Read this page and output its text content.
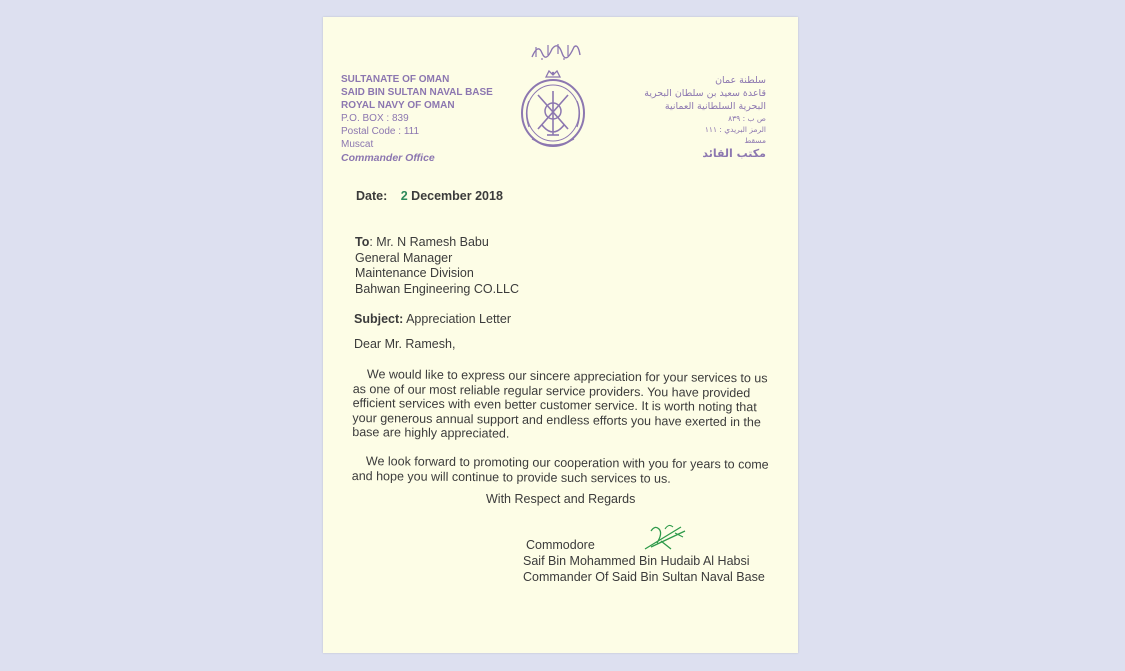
SULTANATE OF OMAN
SAID BIN SULTAN NAVAL BASE
ROYAL NAVY OF OMAN
P.O. BOX : 839
Postal Code : 111
Muscat
Commander Office
سلطنة عمان
قاعدة سعيد بن سلطان البحرية
البحرية السلطانية العمانية
ص ب : ٨٣٩
الرمز البريدي : ١١١
مسقط
مكتب القائد
Date: 2 December 2018
To: Mr. N Ramesh Babu
General Manager
Maintenance Division
Bahwan Engineering CO.LLC
Subject: Appreciation Letter
Dear Mr. Ramesh,
We would like to express our sincere appreciation for your services to us as one of our most reliable regular service providers. You have provided efficient services with even better customer service. It is worth noting that your generous annual support and endless efforts you have exerted in the base are highly appreciated.
We look forward to promoting our cooperation with you for years to come and hope you will continue to provide such services to us.
With Respect and Regards
Commodore
Saif Bin Mohammed Bin Hudaib Al Habsi
Commander Of Said Bin Sultan Naval Base
